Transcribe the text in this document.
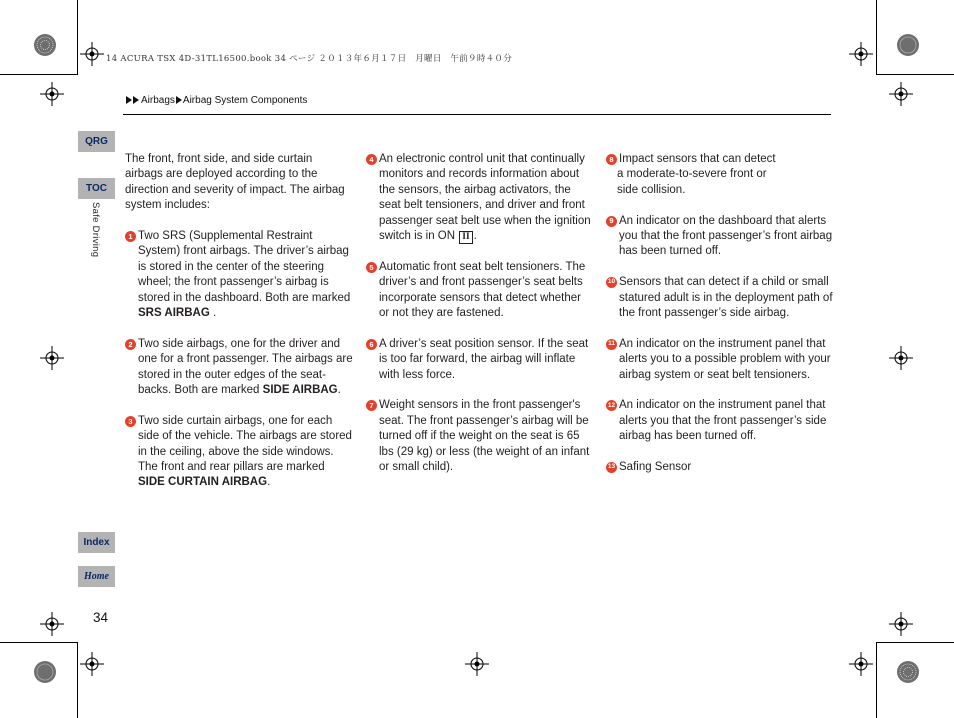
14 ACURA TSX 4D-31TL16500.book 34 ページ ２０１３年６月１７日　月曜日　午前９時４０分
Airbags Airbag System Components
QRG
TOC
Safe Driving
Index
Home
34

The front, front side, and side curtain airbags are deployed according to the direction and severity of impact. The airbag system includes:

1 Two SRS (Supplemental Restraint System) front airbags. The driver’s airbag is stored in the center of the steering wheel; the front passenger’s airbag is stored in the dashboard. Both are marked SRS AIRBAG .
2 Two side airbags, one for the driver and one for a front passenger. The airbags are stored in the outer edges of the seat-backs. Both are marked SIDE AIRBAG.
3 Two side curtain airbags, one for each side of the vehicle. The airbags are stored in the ceiling, above the side windows. The front and rear pillars are marked SIDE CURTAIN AIRBAG.
4 An electronic control unit that continually monitors and records information about the sensors, the airbag activators, the seat belt tensioners, and driver and front passenger seat belt use when the ignition switch is in ON II .
5 Automatic front seat belt tensioners. The driver’s and front passenger’s seat belts incorporate sensors that detect whether or not they are fastened.
6 A driver’s seat position sensor. If the seat is too far forward, the airbag will inflate with less force.
7 Weight sensors in the front passenger's seat. The front passenger’s airbag will be turned off if the weight on the seat is 65 lbs (29 kg) or less (the weight of an infant or small child).
8 Impact sensors that can detect
a moderate-to-severe front or
side collision.
9 An indicator on the dashboard that alerts you that the front passenger’s front airbag has been turned off.
10 Sensors that can detect if a child or small statured adult is in the deployment path of the front passenger’s side airbag.
11 An indicator on the instrument panel that alerts you to a possible problem with your airbag system or seat belt tensioners.
12 An indicator on the instrument panel that alerts you that the front passenger’s side airbag has been turned off.
13 Safing Sensor
